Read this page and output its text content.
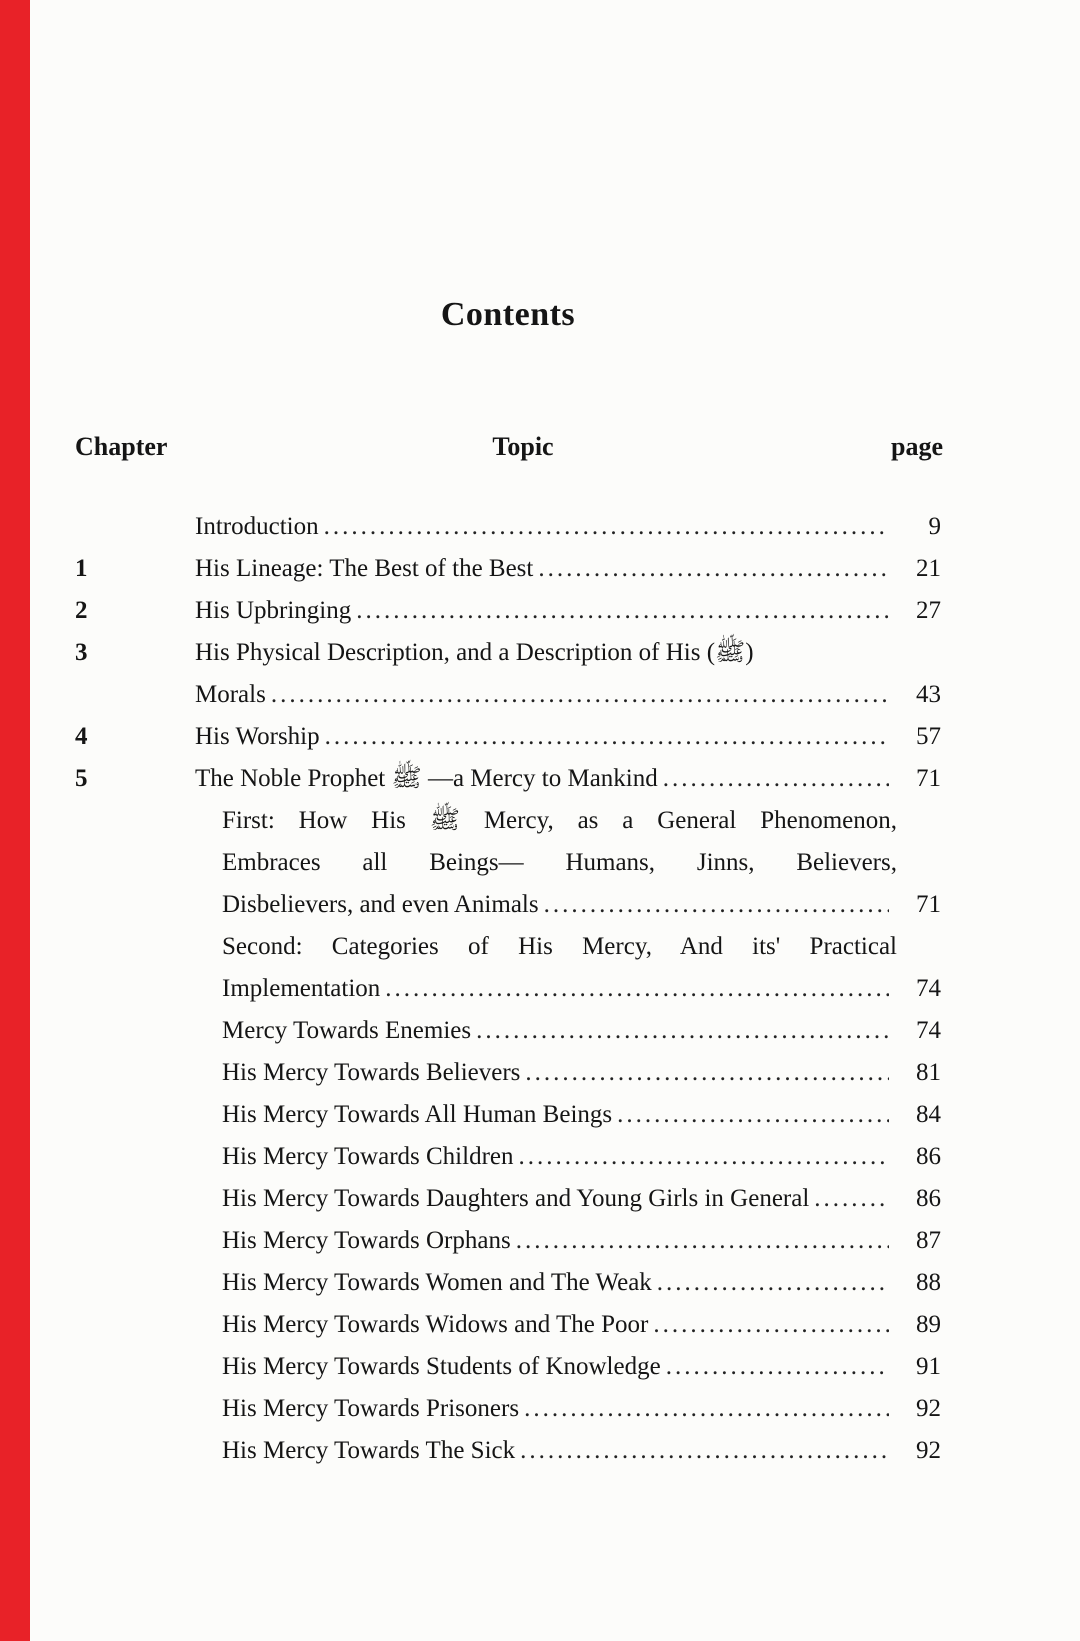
Contents
Chapter	Topic	page
Introduction .....	9
1	His Lineage: The Best of the Best .....	21
2	His Upbringing .....	27
3	His Physical Description, and a Description of His (ﷺ)
Morals .....	43
4	His Worship .....	57
5	The Noble Prophet ﷺ —a Mercy to Mankind .....	71
First: How His ﷺ Mercy, as a General Phenomenon,
Embraces all Beings— Humans, Jinns, Believers,
Disbelievers, and even Animals .....	71
Second: Categories of His Mercy, And its' Practical
Implementation .....	74
Mercy Towards Enemies .....	74
His Mercy Towards Believers .....	81
His Mercy Towards All Human Beings .....	84
His Mercy Towards Children .....	86
His Mercy Towards Daughters and Young Girls in General .....	86
His Mercy Towards Orphans .....	87
His Mercy Towards Women and The Weak .....	88
His Mercy Towards Widows and The Poor .....	89
His Mercy Towards Students of Knowledge .....	91
His Mercy Towards Prisoners .....	92
His Mercy Towards The Sick .....	92
